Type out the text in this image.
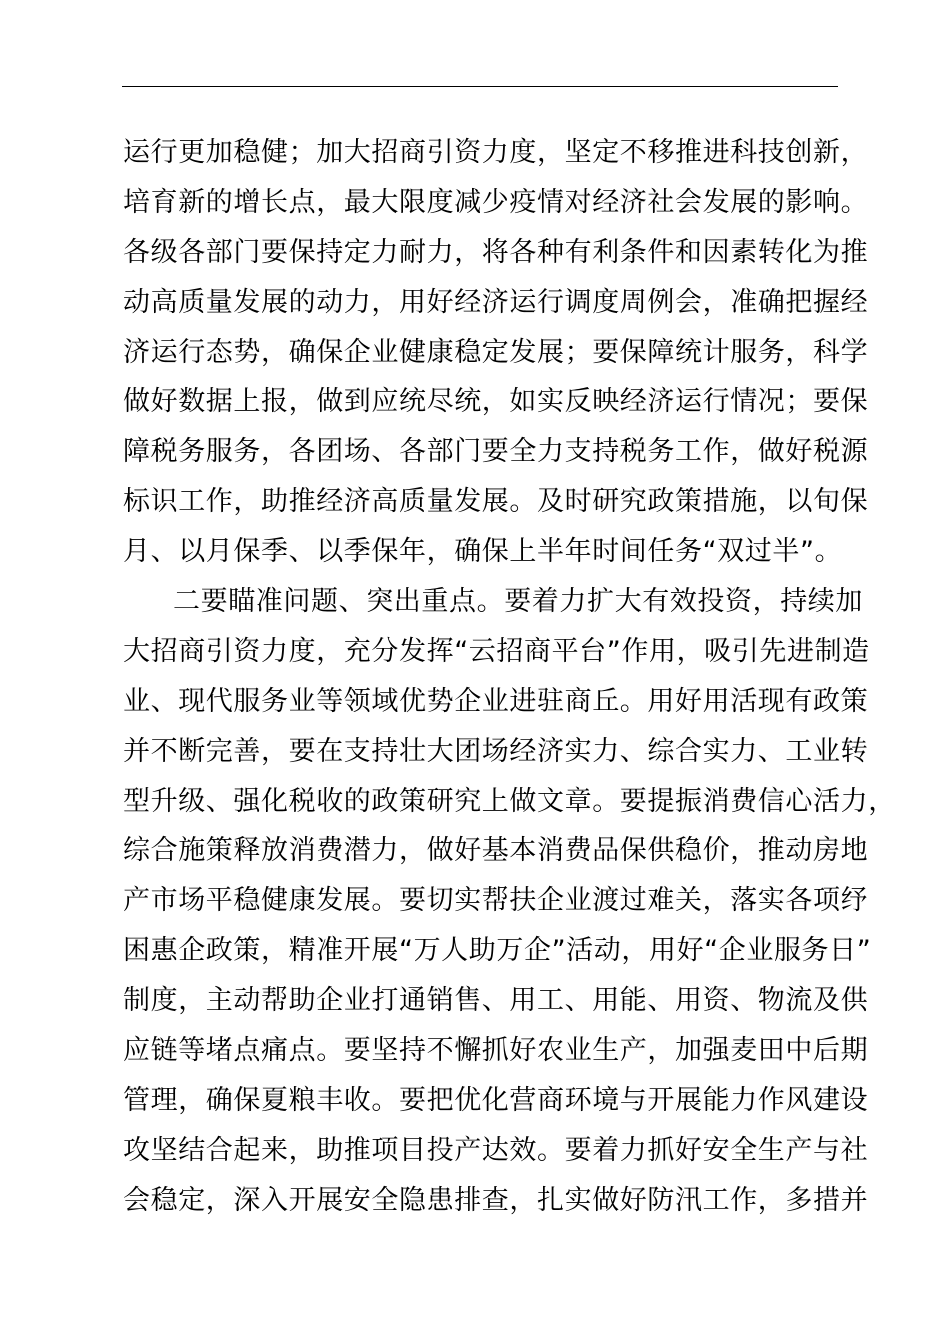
运行更加稳健；加大招商引资力度，坚定不移推进科技创新，
培育新的增长点，最大限度减少疫情对经济社会发展的影响。
各级各部门要保持定力耐力，将各种有利条件和因素转化为推
动高质量发展的动力，用好经济运行调度周例会，准确把握经
济运行态势，确保企业健康稳定发展；要保障统计服务，科学
做好数据上报，做到应统尽统，如实反映经济运行情况；要保
障税务服务，各团场、各部门要全力支持税务工作，做好税源
标识工作，助推经济高质量发展。及时研究政策措施，以旬保
月、以月保季、以季保年，确保上半年时间任务“双过半”。
二要瞄准问题、突出重点。要着力扩大有效投资，持续加
大招商引资力度，充分发挥“云招商平台”作用，吸引先进制造
业、现代服务业等领域优势企业进驻商丘。用好用活现有政策
并不断完善，要在支持壮大团场经济实力、综合实力、工业转
型升级、强化税收的政策研究上做文章。要提振消费信心活力，
综合施策释放消费潜力，做好基本消费品保供稳价，推动房地
产市场平稳健康发展。要切实帮扶企业渡过难关，落实各项纾
困惠企政策，精准开展“万人助万企”活动，用好“企业服务日”
制度，主动帮助企业打通销售、用工、用能、用资、物流及供
应链等堵点痛点。要坚持不懈抓好农业生产，加强麦田中后期
管理，确保夏粮丰收。要把优化营商环境与开展能力作风建设
攻坚结合起来，助推项目投产达效。要着力抓好安全生产与社
会稳定，深入开展安全隐患排查，扎实做好防汛工作，多措并
